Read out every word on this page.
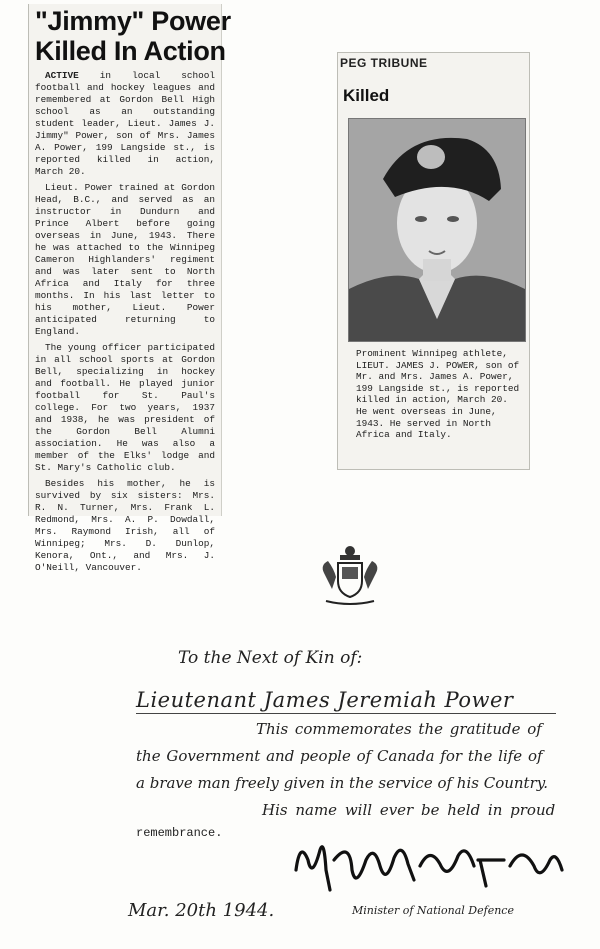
"Jimmy" Power
Killed In Action

ACTIVE in local school football and hockey leagues and remembered at Gordon Bell High school as an outstanding student leader, Lieut. James J. Jimmy" Power, son of Mrs. James A. Power, 199 Langside st., is reported killed in action, March 20.

Lieut. Power trained at Gordon Head, B.C., and served as an instructor in Dundurn and Prince Albert before going overseas in June, 1943. There he was attached to the Winnipeg Cameron Highlanders' regiment and was later sent to North Africa and Italy for three months. In his last letter to his mother, Lieut. Power anticipated returning to England.

The young officer participated in all school sports at Gordon Bell, specializing in hockey and football. He played junior football for St. Paul's college. For two years, 1937 and 1938, he was president of the Gordon Bell Alumni association. He was also a member of the Elks' lodge and St. Mary's Catholic club.

Besides his mother, he is survived by six sisters: Mrs. R. N. Turner, Mrs. Frank L. Redmond, Mrs. A. P. Dowdall, Mrs. Raymond Irish, all of Winnipeg; Mrs. D. Dunlop, Kenora, Ont., and Mrs. J. O'Neill, Vancouver.

PEG TRIBUNE
Killed
Prominent Winnipeg athlete, LIEUT. JAMES J. POWER, son of Mr. and Mrs. James A. Power, 199 Langside st., is reported killed in action, March 20. He went overseas in June, 1943. He served in North Africa and Italy.
To the Next of Kin of:
Lieutenant James Jeremiah Power
This commemorates the gratitude of
the Government and people of Canada for the life of
a brave man freely given in the service of his Country.
His name will ever be held in proud
remembrance.
Mar. 20th 1944.	Minister of National Defence
